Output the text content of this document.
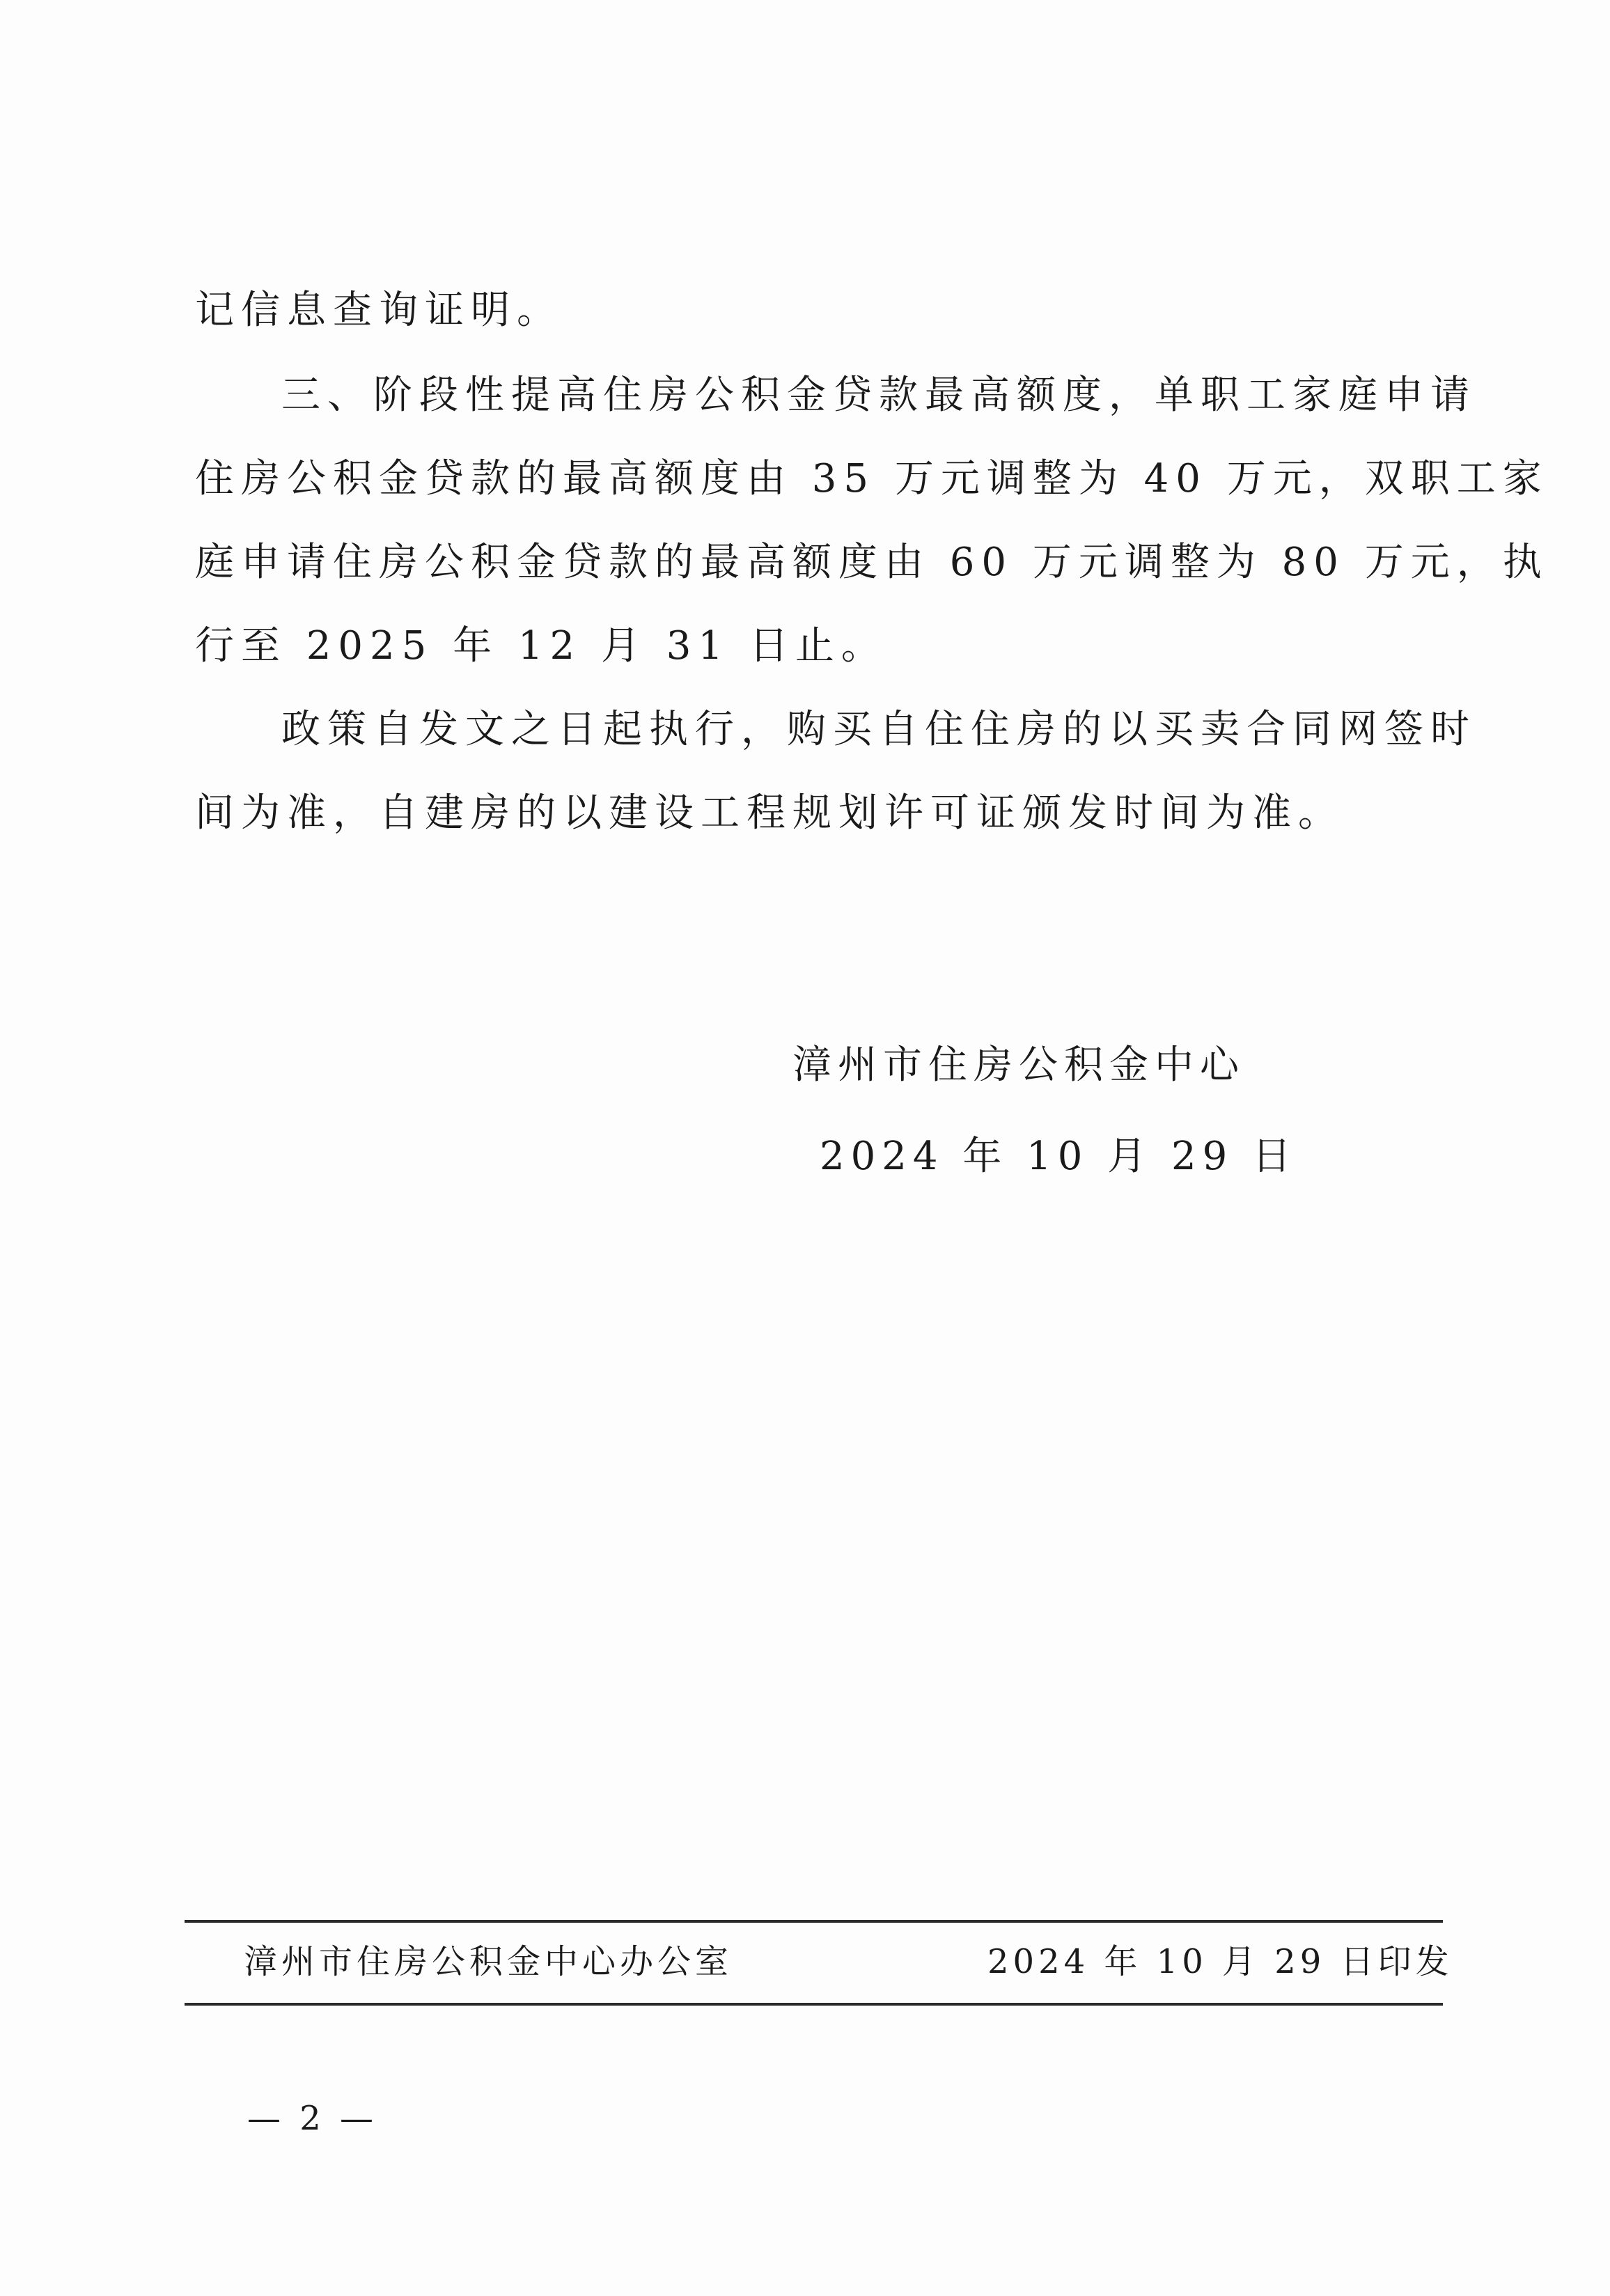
记信息查询证明。
三、阶段性提高住房公积金贷款最高额度，单职工家庭申请
住房公积金贷款的最高额度由 35 万元调整为 40 万元，双职工家
庭申请住房公积金贷款的最高额度由 60 万元调整为 80 万元，执
行至 2025 年 12 月 31 日止。
政策自发文之日起执行，购买自住住房的以买卖合同网签时
间为准，自建房的以建设工程规划许可证颁发时间为准。
漳州市住房公积金中心
2024 年 10 月 29 日
漳州市住房公积金中心办公室	2024 年 10 月 29 日印发
— 2 —
